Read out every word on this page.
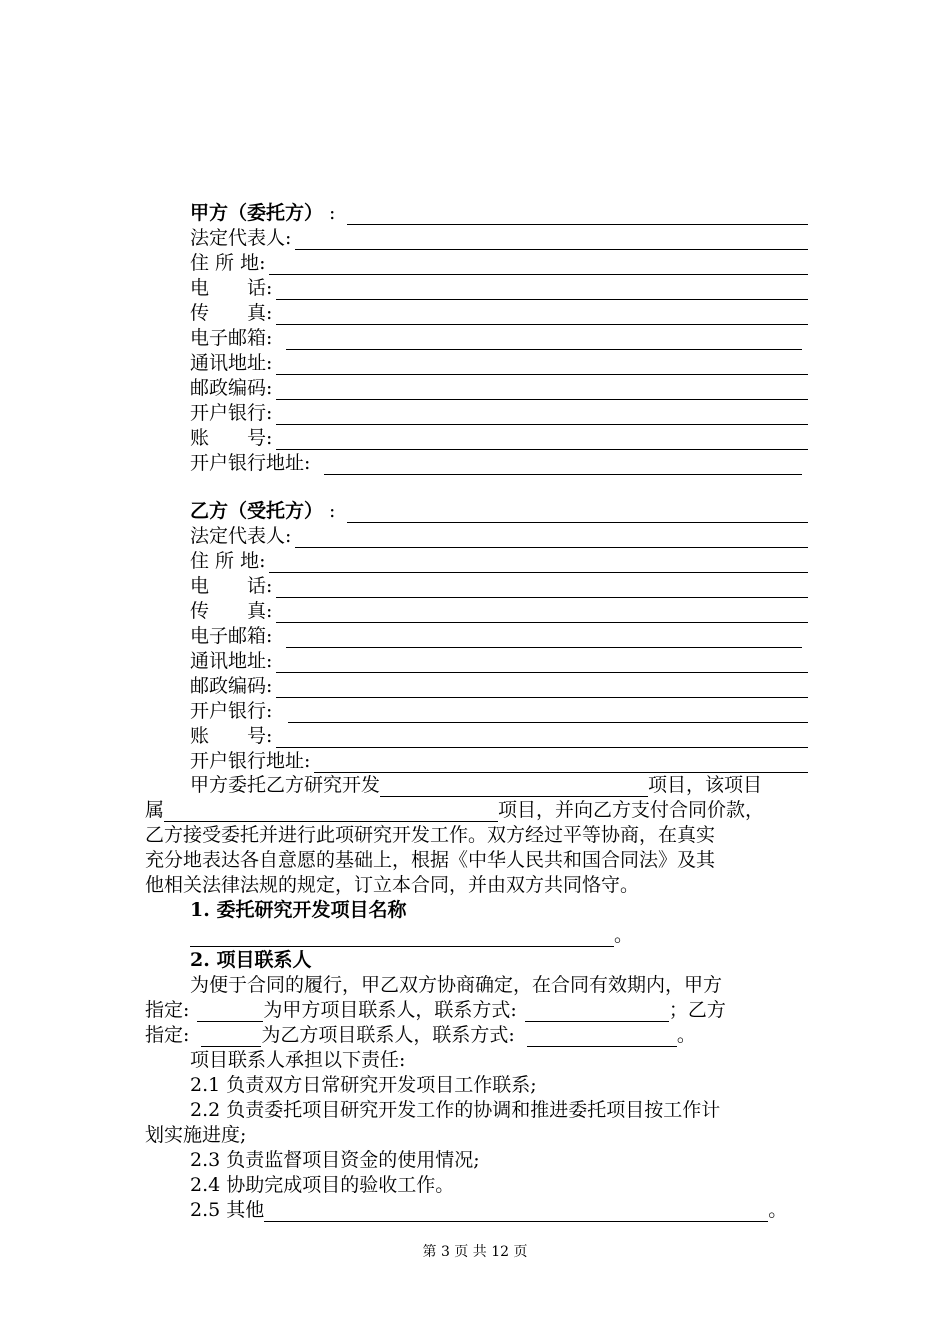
甲方（委托方） :
法定代表人:
住 所 地:
电　　话:
传　　真:
电子邮箱:
通讯地址:
邮政编码:
开户银行:
账　　号:
开户银行地址:
乙方（受托方） :
法定代表人:
住 所 地:
电　　话:
传　　真:
电子邮箱:
通讯地址:
邮政编码:
开户银行:
账　　号:
开户银行地址:
甲方委托乙方研究开发	项目，该项目
属	项目，并向乙方支付合同价款，
乙方接受委托并进行此项研究开发工作。双方经过平等协商，在真实
充分地表达各自意愿的基础上，根据《中华人民共和国合同法》及其
他相关法律法规的规定，订立本合同，并由双方共同恪守。
1. 委托研究开发项目名称
。
2. 项目联系人
为便于合同的履行，甲乙双方协商确定，在合同有效期内，甲方
指定:	为甲方项目联系人，联系方式:	；乙方
指定:	为乙方项目联系人，联系方式:	。
项目联系人承担以下责任:
2.1 负责双方日常研究开发项目工作联系;
2.2 负责委托项目研究开发工作的协调和推进委托项目按工作计
划实施进度;
2.3 负责监督项目资金的使用情况;
2.4 协助完成项目的验收工作。
2.5 其他	。
第 3 页 共 12 页
